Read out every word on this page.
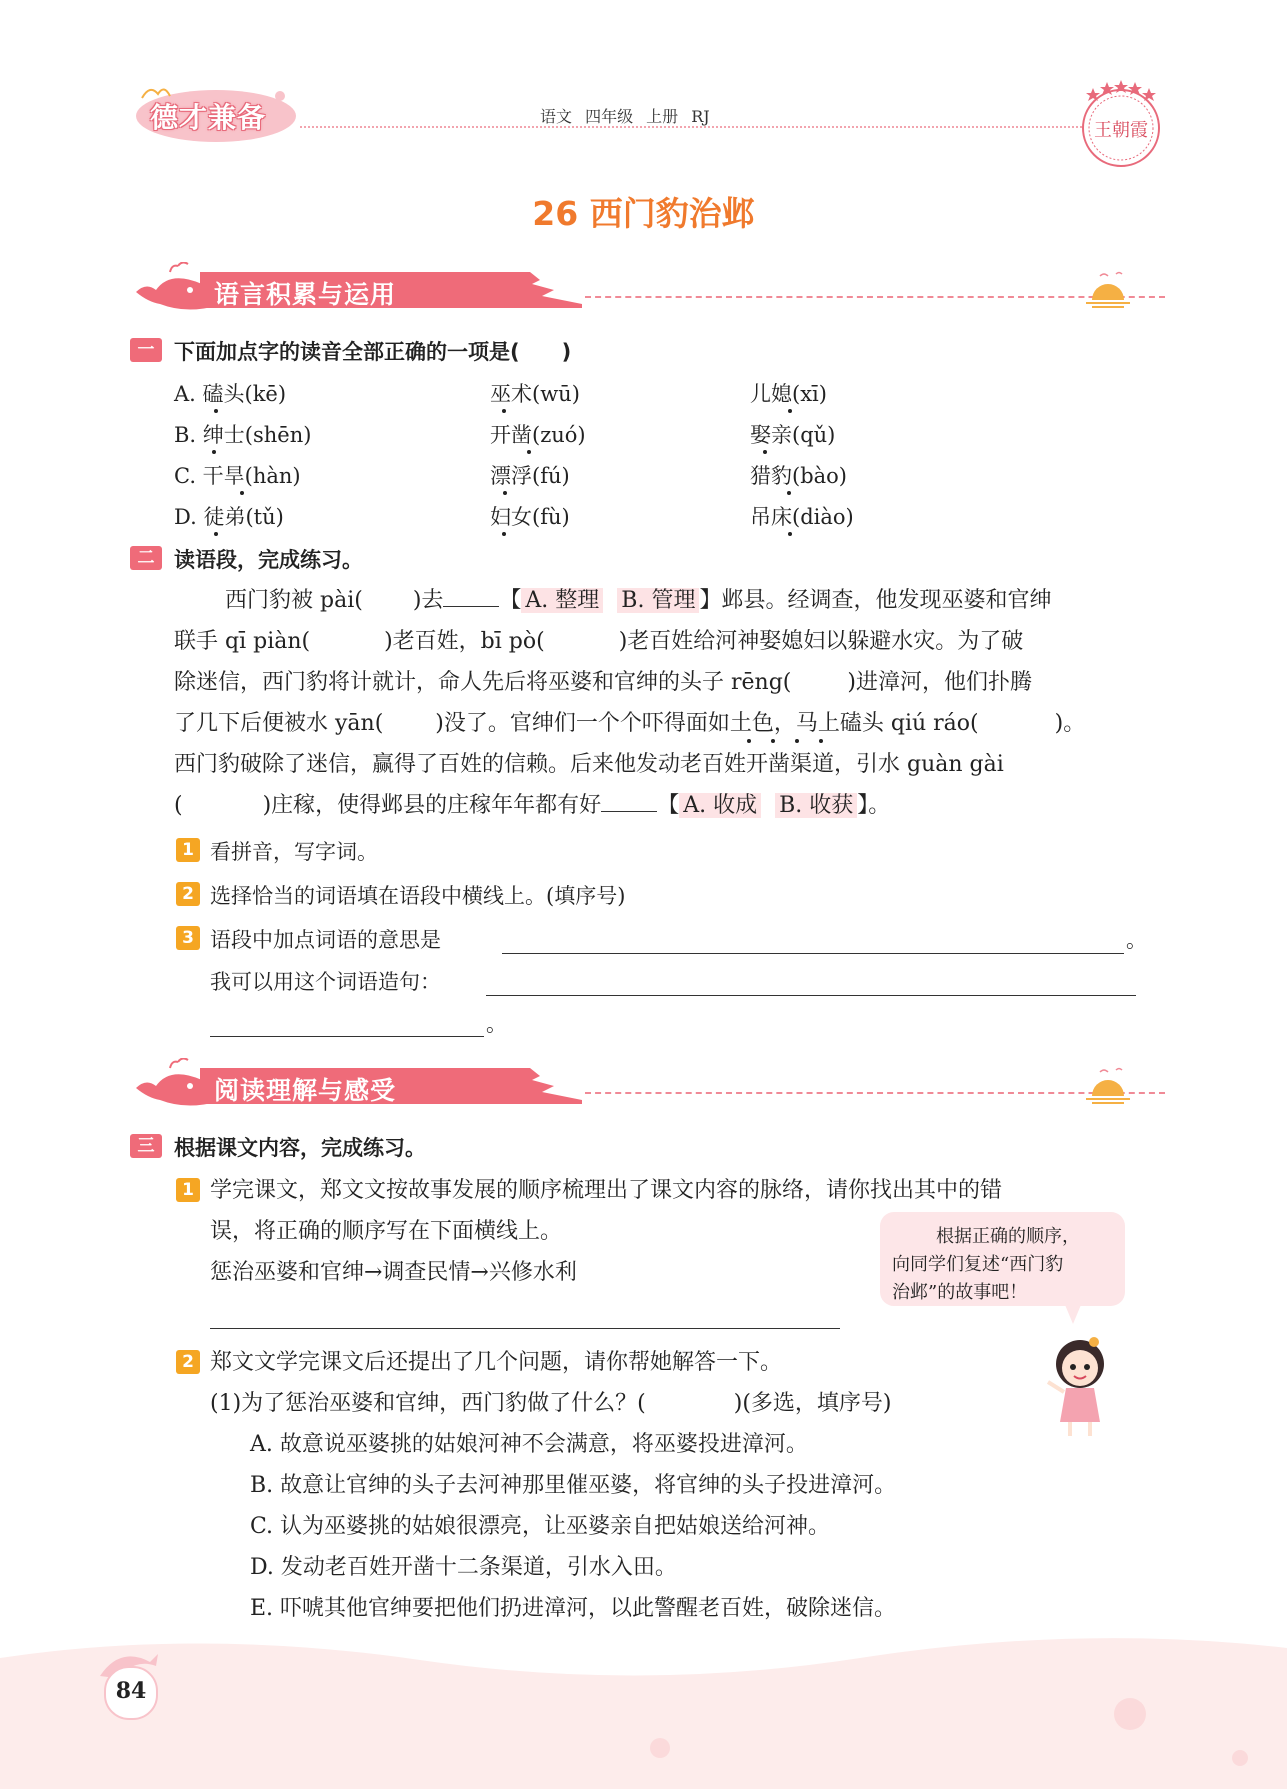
德才兼备	语文 四年级 上册 RJ
王朝霞
26 西门豹治邺
语言积累与运用
一 下面加点字的读音全部正确的一项是(　　)
A. 磕头(kē)	巫术(wū)	儿媳(xī)
B. 绅士(shēn)	开凿(zuó)	娶亲(qǔ)
C. 干旱(hàn)	漂浮(fú)	猎豹(bào)
D. 徒弟(tǔ)	妇女(fù)	吊床(diào)
二 读语段，完成练习。
西门豹被 pài( )去	【 A. 整理 B. 管理 】邺县。经调查，他发现巫婆和官绅
联手 qī piàn(	)老百姓，bī pò(	)老百姓给河神娶媳妇以躲避水灾。为了破
除迷信，西门豹将计就计，命人先后将巫婆和官绅的头子 rēng(	)进漳河，他们扑腾
了几下后便被水 yān( )没了。官绅们一个个吓得面如土色，马上磕头 qiú ráo(	)。
西门豹破除了迷信，赢得了百姓的信赖。后来他发动老百姓开凿渠道，引水 guàn gài
(	)庄稼，使得邺县的庄稼年年都有好	【 A. 收成 B. 收获 】。
1 看拼音，写字词。
2 选择恰当的词语填在语段中横线上。(填序号)
3 语段中加点词语的意思是	。
我可以用这个词语造句：
。
阅读理解与感受
三 根据课文内容，完成练习。
1 学完课文，郑文文按故事发展的顺序梳理出了课文内容的脉络，请你找出其中的错
误，将正确的顺序写在下面横线上。
惩治巫婆和官绅→调查民情→兴修水利
根据正确的顺序，
向同学们复述“西门豹
治邺”的故事吧！
2 郑文文学完课文后还提出了几个问题，请你帮她解答一下。
(1)为了惩治巫婆和官绅，西门豹做了什么？(　　　　)(多选，填序号)
A. 故意说巫婆挑的姑娘河神不会满意，将巫婆投进漳河。
B. 故意让官绅的头子去河神那里催巫婆，将官绅的头子投进漳河。
C. 认为巫婆挑的姑娘很漂亮，让巫婆亲自把姑娘送给河神。
D. 发动老百姓开凿十二条渠道，引水入田。
E. 吓唬其他官绅要把他们扔进漳河，以此警醒老百姓，破除迷信。
84
